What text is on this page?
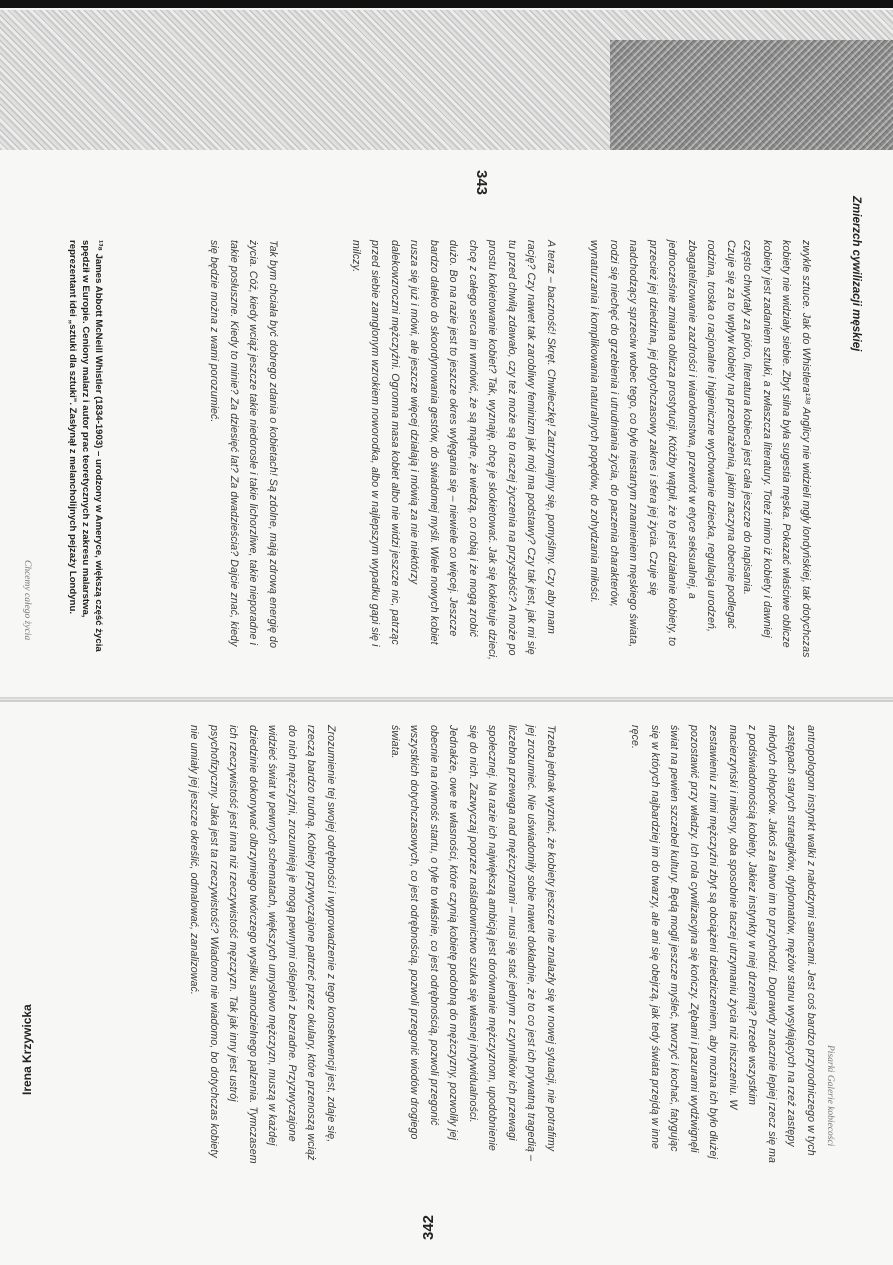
Zmierzch cywilizacji męskiej
343

zwykle sztuce. Jak do Whistlera¹³⁸ Anglicy nie widzieli mgły londyńskiej, tak dotychczas kobiety nie widziały siebie. Zbyt silna była sugestia męska. Pokazać właściwe oblicze kobiety jest zadaniem sztuki, a zwłaszcza literatury. Toteż mimo iż kobiety i dawniej często chwytały za pióro, literatura kobieca jest cała jeszcze do napisania.

Czuje się za to wpływ kobiety na przeobrażenia, jakim zaczyna obecnie podlegać rodzina, troska o racjonalne i higieniczne wychowanie dziecka, regulacja urodzeń, zbagatelizowanie zazdrości i wiarołomstwa, przewrót w etyce seksualnej, a jednocześnie zmiana oblicza prostytucji. Któżby wątpił, że to jest działanie kobiety, to przecież jej dziedzina, jej dotychczasowy zakres i sfera jej życia. Czuje się nadchodzący sprzeciw wobec tego, co było niestartym znamieniem męskiego świata, rodzi się niechęć do grzebienia i utrudniania życia, do paczenia charakterów, wynaturzania i komplikowania naturalnych popędów, do zohydzania miłości.

A teraz – baczność! Skręt. Chwileczkę! Zatrzymajmy się, pomyślmy. Czy aby mam rację? Czy nawet tak zarobliwy feminizm jak mój ma podstawy? Czy tak jest, jak mi się tu przed chwilą zdawało, czy też może są to raczej życzenia na przyszłość? A może po prostu kokietowanie kobiet? Tak, wyznaję, chcę je skokietować. Jak się kokietuje dzieci, chcę z całego serca im wmówić, że są mądre, że wiedzą, co robią i że mogą zrobić dużo. Bo na razie jest to jeszcze okres wylęgania się – niewiele co więcej. Jeszcze bardzo daleko do skoordynowania gestów, do świadomej myśli. Wiele nowych kobiet rusza się już i mówi, ale jeszcze więcej działają i mówią za nie niektórzy dalekowzroczni mężczyźni. Ogromna masa kobiet albo nie widzi jeszcze nic, patrząc przed siebie zamglonym wzrokiem noworodka, albo w najlepszym wypadku gapi się i milczy.

Tak bym chciała być dobrego zdania o kobietach! Są zdolne, mają zdrową energię do życia. Cóż, kiedy wciąż jeszcze takie niedorosłe i takie lichorzliwe, takie nieporadne i takie posłuszne. Kiedy to minie? Za dziesięć lat? Za dwadzieścia? Dajcie znać, kiedy się będzie można z wami porozumieć.

¹³⁸ James Abbott McNeill Whistler (1834-1903) – urodzony w Ameryce, większą część życia spędził w Europie. Ceniony malarz i autor prac teoretycznych z zakresu malarstwa, reprezentant idei „sztuki dla sztuki". Zasłynął z melancholijnych pejzaży Londynu.
Chcemy całego życia
Irena Krzywicka
342

antropologom instynkt walki z nałodzymi samcami. Jest coś bardzo przyrodniczego w tych zastępach starych strategików, dyplomatów, mężów stanu wysyłających na rzeź zastępy młodych chłopców. Jakoś za łatwo im to przychodzi. Doprawdy znacznie lepiej rzecz się ma z podświadomością kobiety. Jakiez instynkty w niej drzemią? Przede wszystkim macierzyński i miłosny, oba sposobnie taczej utrzymaniu życia niż niszczeniu. W zestawieniu z nimi mężczyźni zbyt są obciążeni dziedziczeniem, aby można ich było dłużej pozostawić przy władzy. Ich rola cywilizacyjna się kończy. Zębami i pazurami wydźwignęli świat na pewien szczebel kultury. Będą mogli jeszcze myśleć, tworzyć i kochać, fatygując się w których najbardziej im do twarzy, ale ani się obejrzą, jak tedy świata przejdą w inne ręce.

Trzeba jednak wyznać, że kobiety jeszcze nie znalazły się w nowej sytuacji, nie potrafimy jej zrozumieć. Nie uświadomiły sobie nawet dokładnie, że to co jest ich prywatną tragedią – liczebna przewaga nad mężczyznami – musi się stać jednym z czynników ich przewagi społecznej. Na razie ich największą ambicją jest dorównanie mężczyznom, upodobnienie się do nich. Zazwyczaj poprzez naśladownictwo szuka się własnej indywidualności. Jednakże, owe te własności, które czynią kobietę podobną do mężczyzny, pozwoliły jej obecnie na równość startu, o tyle to właśnie, co jest odrębnością, pozwoli przegonić wszystkich dotychczasowych, co jest odrębnością. pozwoli przegonić wiodów drogiego świata.

Zrozumienie tej swojej odrębności i wyprowadzenie z tego konsekwencji jest, zdaje się, rzeczą bardzo trudną. Kobiety przywyczajone patrzeć przez okulary, które przenoszą wciąż do nich mężczyźni, zrozumieją je mogą pewnymi oślepień z bezradne. Przyzwyczajone widzieć świat w pewnych schematach, większych umysłowo mężczyzn, muszą w każdej dziedzinie dokonywać olbrzymiego twórczego wysiłku samodzielnego palzenia. Tymczasem ich rzeczywistość jest inna niż rzeczywistość męzczyzn. Tak jak inny jest ustrój psychofizyczny. Jaka jest ta rzeczywistość? Wiadomo nie wiadomo, bo dotychczas kobiety nie umiały jej jeszcze określić, odmalować, zanalizować.

Pisarki Galerie kobiecości
